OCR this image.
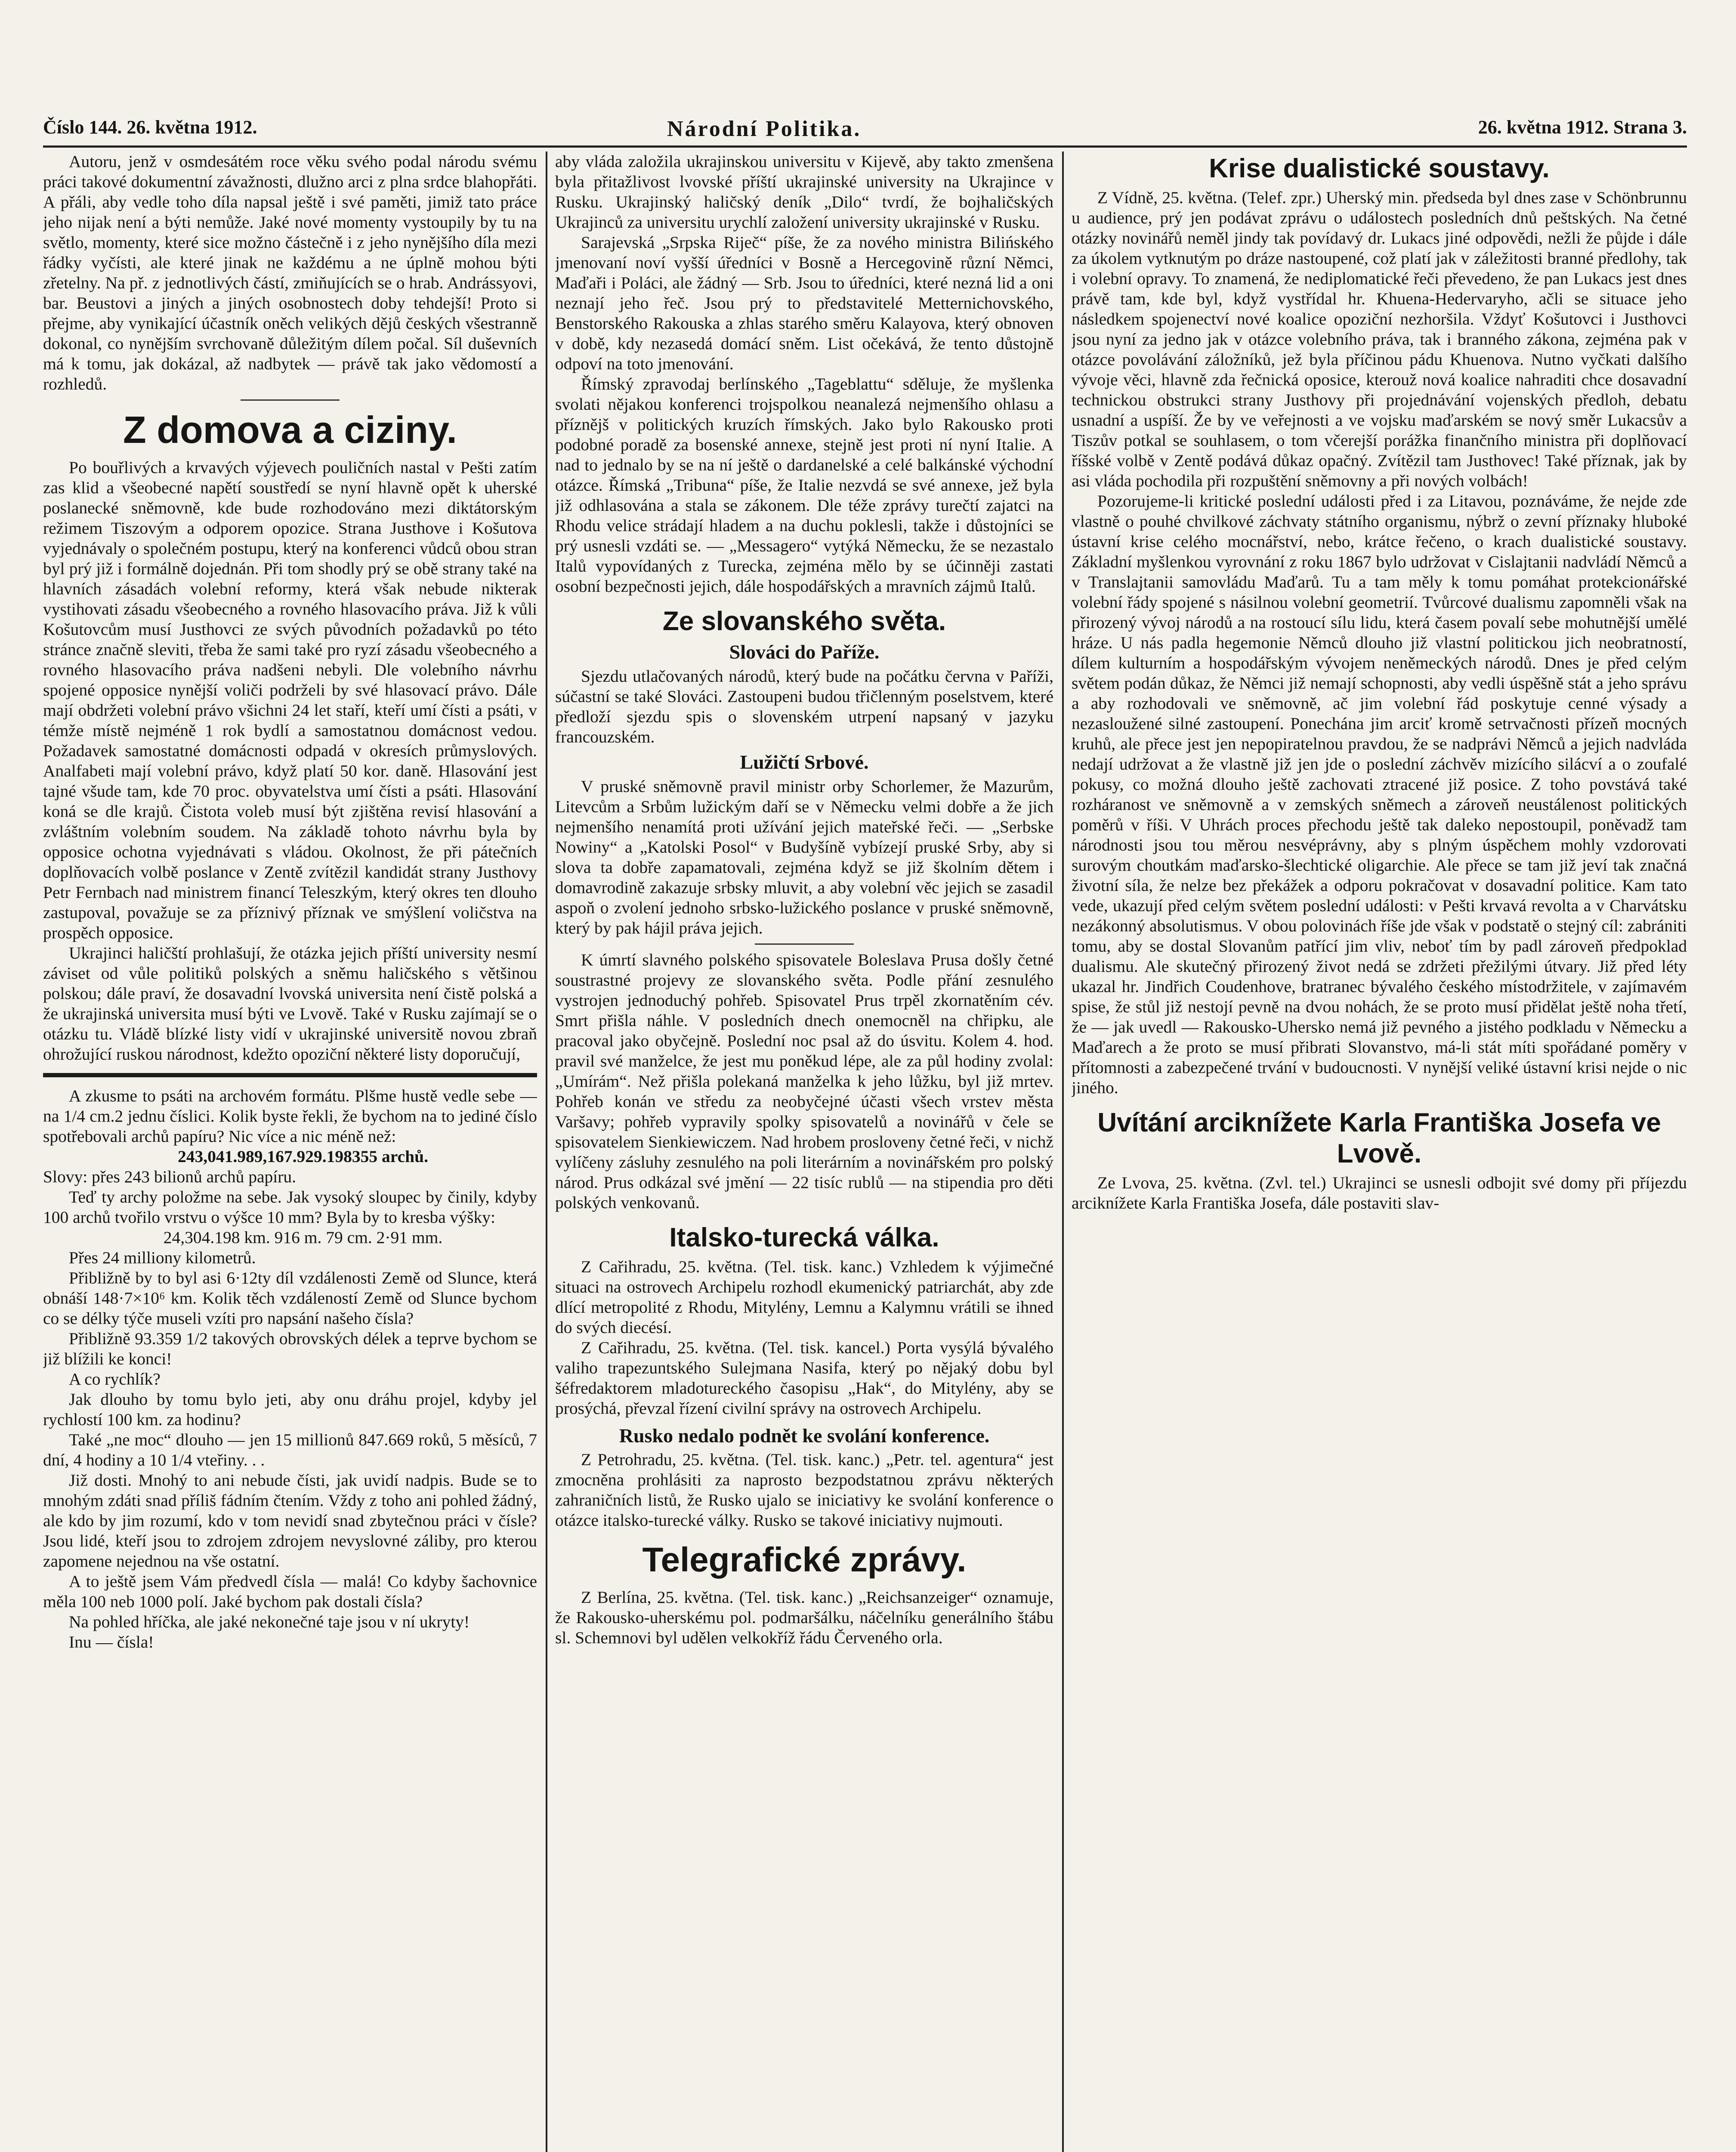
Číslo 144. 26. května 1912.	Národní Politika.	26. května 1912. Strana 3.

Autoru, jenž v osmdesátém roce věku svého podal národu svému práci takové dokumentní závažnosti, dlužno arci z plna srdce blahopřáti. A přáli, aby vedle toho díla napsal ještě i své paměti, jimiž tato práce jeho nijak není a býti nemůže. Jaké nové momenty vystoupily by tu na světlo, momenty, které sice možno částečně i z jeho nynějšího díla mezi řádky vyčísti, ale které jinak ne každému a ne úplně mohou býti zřetelny. Na př. z jednotlivých částí, zmiňujících se o hrab. Andrássyovi, bar. Beustovi a jiných a jiných osobnostech doby tehdejší! Proto si přejme, aby vynikající účastník oněch velikých dějů českých všestranně dokonal, co nynějším svrchovaně důležitým dílem počal. Síl duševních má k tomu, jak dokázal, až nadbytek — právě tak jako vědomostí a rozhledů.

Z domova a ciziny.

Po bouřlivých a krvavých výjevech pouličních nastal v Pešti zatím zas klid a všeobecné napětí soustředí se nyní hlavně opět k uherské poslanecké sněmovně, kde bude rozhodováno mezi diktátorským režimem Tiszovým a odporem opozice. Strana Justhove i Košutova vyjednávaly o společném postupu, který na konferenci vůdců obou stran byl prý již i formálně dojednán. Při tom shodly prý se obě strany také na hlavních zásadách volební reformy, která však nebude nikterak vystihovati zásadu všeobecného a rovného hlasovacího práva. Již k vůli Košutovcům musí Justhovci ze svých původních požadavků po této stránce značně sleviti, třeba že sami také pro ryzí zásadu všeobecného a rovného hlasovacího práva nadšeni nebyli. Dle volebního návrhu spojené opposice nynější voliči podrželi by své hlasovací právo. Dále mají obdržeti volební právo všichni 24 let staří, kteří umí čísti a psáti, v témže místě nejméně 1 rok bydlí a samostatnou domácnost vedou. Požadavek samostatné domácnosti odpadá v okresích průmyslových. Analfabeti mají volební právo, když platí 50 kor. daně. Hlasování jest tajné všude tam, kde 70 proc. obyvatelstva umí čísti a psáti. Hlasování koná se dle krajů. Čistota voleb musí být zjištěna revisí hlasování a zvláštním volebním soudem. Na základě tohoto návrhu byla by opposice ochotna vyjednávati s vládou. Okolnost, že při pátečních doplňovacích volbě poslance v Zentě zvítězil kandidát strany Justhovy Petr Fernbach nad ministrem financí Teleszkým, který okres ten dlouho zastupoval, považuje se za příznivý příznak ve smýšlení voličstva na prospěch opposice.

Ukrajinci haličští prohlašují, že otázka jejich příští university nesmí záviset od vůle politiků polských a sněmu haličského s většinou polskou; dále praví, že dosavadní lvovská universita není čistě polská a že ukrajinská universita musí býti ve Lvově. Také v Rusku zajímají se o otázku tu. Vládě blízké listy vidí v ukrajinské universitě novou zbraň ohrožující ruskou národnost, kdežto opoziční některé listy doporučují,

A zkusme to psáti na archovém formátu. Plšme hustě vedle sebe — na 1/4 cm.2 jednu číslici. Kolik byste řekli, že bychom na to jediné číslo spotřebovali archů papíru? Nic více a nic méně než:

243,041.989,167.929.198355 archů.

Slovy: přes 243 bilionů archů papíru.

Teď ty archy položme na sebe. Jak vysoký sloupec by činily, kdyby 100 archů tvořilo vrstvu o výšce 10 mm? Byla by to kresba výšky:

24,304.198 km. 916 m. 79 cm. 2·91 mm.

Přes 24 milliony kilometrů.

Přibližně by to byl asi 6·12ty díl vzdálenosti Země od Slunce, která obnáší 148·7×10⁶ km. Kolik těch vzdáleností Země od Slunce bychom co se délky týče museli vzíti pro napsání našeho čísla?

Přibližně 93.359 1/2 takových obrovských délek a teprve bychom se již blížili ke konci!

A co rychlík?

Jak dlouho by tomu bylo jeti, aby onu dráhu projel, kdyby jel rychlostí 100 km. za hodinu?

Také „ne moc“ dlouho — jen 15 millionů 847.669 roků, 5 měsíců, 7 dní, 4 hodiny a 10 1/4 vteřiny. . .

Již dosti. Mnohý to ani nebude čísti, jak uvidí nadpis. Bude se to mnohým zdáti snad příliš fádním čtením. Vždy z toho ani pohled žádný, ale kdo by jim rozumí, kdo v tom nevidí snad zbytečnou práci v čísle? Jsou lidé, kteří jsou to zdrojem zdrojem nevyslovné záliby, pro kterou zapomene nejednou na vše ostatní.

A to ještě jsem Vám předvedl čísla — malá! Co kdyby šachovnice měla 100 neb 1000 polí. Jaké bychom pak dostali čísla?

Na pohled hříčka, ale jaké nekonečné taje jsou v ní ukryty!

Inu — čísla!

aby vláda založila ukrajinskou universitu v Kijevě, aby takto zmenšena byla přitažlivost lvovské příští ukrajinské university na Ukrajince v Rusku. Ukrajinský haličský deník „Dilo“ tvrdí, že bojhaličských Ukrajinců za universitu urychlí založení university ukrajinské v Rusku.

Sarajevská „Srpska Riječ“ píše, že za nového ministra Bilińského jmenovaní noví vyšší úředníci v Bosně a Hercegovině různí Němci, Maďaři i Poláci, ale žádný — Srb. Jsou to úředníci, které nezná lid a oni neznají jeho řeč. Jsou prý to představitelé Metternichovského, Benstorského Rakouska a zhlas starého směru Kalayova, který obnoven v době, kdy nezasedá domácí sněm. List očekává, že tento důstojně odpoví na toto jmenování.

Římský zpravodaj berlínského „Tageblattu“ sděluje, že myšlenka svolati nějakou konferenci trojspolkou neanalezá nejmenšího ohlasu a příznějš v politických kruzích římských. Jako bylo Rakousko proti podobné poradě za bosenské annexe, stejně jest proti ní nyní Italie. A nad to jednalo by se na ní ještě o dardanelské a celé balkánské východní otázce. Římská „Tribuna“ píše, že Italie nezvdá se své annexe, jež byla již odhlasována a stala se zákonem. Dle téže zprávy turečtí zajatci na Rhodu velice strádají hladem a na duchu poklesli, takže i důstojníci se prý usnesli vzdáti se. — „Messagero“ vytýká Německu, že se nezastalo Italů vypovídaných z Turecka, zejména mělo by se účinněji zastati osobní bezpečnosti jejich, dále hospodářských a mravních zájmů Italů.

Ze slovanského světa.
Slováci do Paříže.

Sjezdu utlačovaných národů, který bude na počátku června v Paříži, súčastní se také Slováci. Zastoupeni budou třičlenným poselstvem, které předloží sjezdu spis o slovenském utrpení napsaný v jazyku francouzském.

Lužičtí Srbové.

V pruské sněmovně pravil ministr orby Schorlemer, že Mazurům, Litevcům a Srbům lužickým daří se v Německu velmi dobře a že jich nejmenšího nenamítá proti užívání jejich mateřské řeči. — „Serbske Nowiny“ a „Katolski Posol“ v Budyšíně vybízejí pruské Srby, aby si slova ta dobře zapamatovali, zejména když se již školním dětem i domavrodině zakazuje srbsky mluvit, a aby volební věc jejich se zasadil aspoň o zvolení jednoho srbsko-lužického poslance v pruské sněmovně, který by pak hájil práva jejich.

K úmrtí slavného polského spisovatele Boleslava Prusa došly četné soustrastné projevy ze slovanského světa. Podle přání zesnulého vystrojen jednoduchý pohřeb. Spisovatel Prus trpěl zkornatěním cév. Smrt přišla náhle. V posledních dnech onemocněl na chřipku, ale pracoval jako obyčejně. Poslední noc psal až do úsvitu. Kolem 4. hod. pravil své manželce, že jest mu poněkud lépe, ale za půl hodiny zvolal: „Umírám“. Než přišla polekaná manželka k jeho lůžku, byl již mrtev. Pohřeb konán ve středu za neobyčejné účasti všech vrstev města Varšavy; pohřeb vypravily spolky spisovatelů a novinářů v čele se spisovatelem Sienkiewiczem. Nad hrobem prosloveny četné řeči, v nichž vylíčeny zásluhy zesnulého na poli literárním a novinářském pro polský národ. Prus odkázal své jmění — 22 tisíc rublů — na stipendia pro děti polských venkovanů.

Italsko-turecká válka.

Z Cařihradu, 25. května. (Tel. tisk. kanc.) Vzhledem k výjimečné situaci na ostrovech Archipelu rozhodl ekumenický patriarchát, aby zde dlící metropolité z Rhodu, Mitylény, Lemnu a Kalymnu vrátili se ihned do svých diecésí.

Z Cařihradu, 25. května. (Tel. tisk. kancel.) Porta vysýlá bývalého valiho trapezuntského Sulejmana Nasifa, který po nějaký dobu byl šéfredaktorem mladotureckého časopisu „Hak“, do Mitylény, aby se prosýchá, převzal řízení civilní správy na ostrovech Archipelu.

Rusko nedalo podnět ke svolání konference.

Z Petrohradu, 25. května. (Tel. tisk. kanc.) „Petr. tel. agentura“ jest zmocněna prohlásiti za naprosto bezpodstatnou zprávu některých zahraničních listů, že Rusko ujalo se iniciativy ke svolání konference o otázce italsko-turecké války. Rusko se takové iniciativy nujmouti.

Telegrafické zprávy.

Z Berlína, 25. května. (Tel. tisk. kanc.) „Reichsanzeiger“ oznamuje, že Rakousko-uherskému pol. podmaršálku, náčelníku generálního štábu sl. Schemnovi byl udělen velkokříž řádu Červeného orla.

Krise dualistické soustavy.

Z Vídně, 25. května. (Telef. zpr.) Uherský min. předseda byl dnes zase v Schönbrunnu u audience, prý jen podávat zprávu o událostech posledních dnů peštských. Na četné otázky novinářů neměl jindy tak povídavý dr. Lukacs jiné odpovědi, nežli že půjde i dále za úkolem vytknutým po dráze nastoupené, což platí jak v záležitosti branné předlohy, tak i volební opravy. To znamená, že nediplomatické řeči převedeno, že pan Lukacs jest dnes právě tam, kde byl, když vystřídal hr. Khuena-Hedervaryho, ačli se situace jeho následkem spojenectví nové koalice opoziční nezhoršila. Vždyť Košutovci i Justhovci jsou nyní za jedno jak v otázce volebního práva, tak i branného zákona, zejména pak v otázce povolávání záložníků, jež byla příčinou pádu Khuenova. Nutno vyčkati dalšího vývoje věci, hlavně zda řečnická oposice, kterouž nová koalice nahraditi chce dosavadní technickou obstrukci strany Justhovy při projednávání vojenských předloh, debatu usnadní a uspíší. Že by ve veřejnosti a ve vojsku maďarském se nový směr Lukacsův a Tiszův potkal se souhlasem, o tom včerejší porážka finančního ministra při doplňovací říšské volbě v Zentě podává důkaz opačný. Zvítězil tam Justhovec! Také příznak, jak by asi vláda pochodila při rozpuštění sněmovny a při nových volbách!

Pozorujeme-li kritické poslední události před i za Litavou, poznáváme, že nejde zde vlastně o pouhé chvilkové záchvaty státního organismu, nýbrž o zevní příznaky hluboké ústavní krise celého mocnářství, nebo, krátce řečeno, o krach dualistické soustavy. Základní myšlenkou vyrovnání z roku 1867 bylo udržovat v Cislajtanii nadvládí Němců a v Translajtanii samovládu Maďarů. Tu a tam měly k tomu pomáhat protekcionářské volební řády spojené s násilnou volební geometrií. Tvůrcové dualismu zapomněli však na přirozený vývoj národů a na rostoucí sílu lidu, která časem povalí sebe mohutnější umělé hráze. U nás padla hegemonie Němců dlouho již vlastní politickou jich neobratností, dílem kulturním a hospodářským vývojem neněmeckých národů. Dnes je před celým světem podán důkaz, že Němci již nemají schopnosti, aby vedli úspěšně stát a jeho správu a aby rozhodovali ve sněmovně, ač jim volební řád poskytuje cenné výsady a nezasloužené silné zastoupení. Ponechána jim arciť kromě setrvačnosti přízeň mocných kruhů, ale přece jest jen nepopiratelnou pravdou, že se nadprávi Němců a jejich nadvláda nedají udržovat a že vlastně již jen jde o poslední záchvěv mizícího silácví a o zoufalé pokusy, co možná dlouho ještě zachovati ztracené již posice. Z toho povstává také rozháranost ve sněmovně a v zemských sněmech a zároveň neustálenost politických poměrů v říši. V Uhrách proces přechodu ještě tak daleko nepostoupil, poněvadž tam národnosti jsou tou měrou nesvéprávny, aby s plným úspěchem mohly vzdorovati surovým choutkám maďarsko-šlechtické oligarchie. Ale přece se tam již jeví tak značná životní síla, že nelze bez překážek a odporu pokračovat v dosavadní politice. Kam tato vede, ukazují před celým světem poslední události: v Pešti krvavá revolta a v Charvátsku nezákonný absolutismus. V obou polovinách říše jde však v podstatě o stejný cíl: zabrániti tomu, aby se dostal Slovanům patřící jim vliv, neboť tím by padl zároveň předpoklad dualismu. Ale skutečný přirozený život nedá se zdržeti přežilými útvary. Již před léty ukazal hr. Jindřich Coudenhove, bratranec bývalého českého místodržitele, v zajímavém spise, že stůl již nestojí pevně na dvou nohách, že se proto musí přidělat ještě noha třetí, že — jak uvedl — Rakousko-Uhersko nemá již pevného a jistého podkladu v Německu a Maďarech a že proto se musí přibrati Slovanstvo, má-li stát míti spořádané poměry v přítomnosti a zabezpečené trvání v budoucnosti. V nynější veliké ústavní krisi nejde o nic jiného.

Uvítání arciknížete Karla Františka Josefa ve Lvově.

Ze Lvova, 25. května. (Zvl. tel.) Ukrajinci se usnesli odbojit své domy při příjezdu arciknížete Karla Františka Josefa, dále postaviti slav-
